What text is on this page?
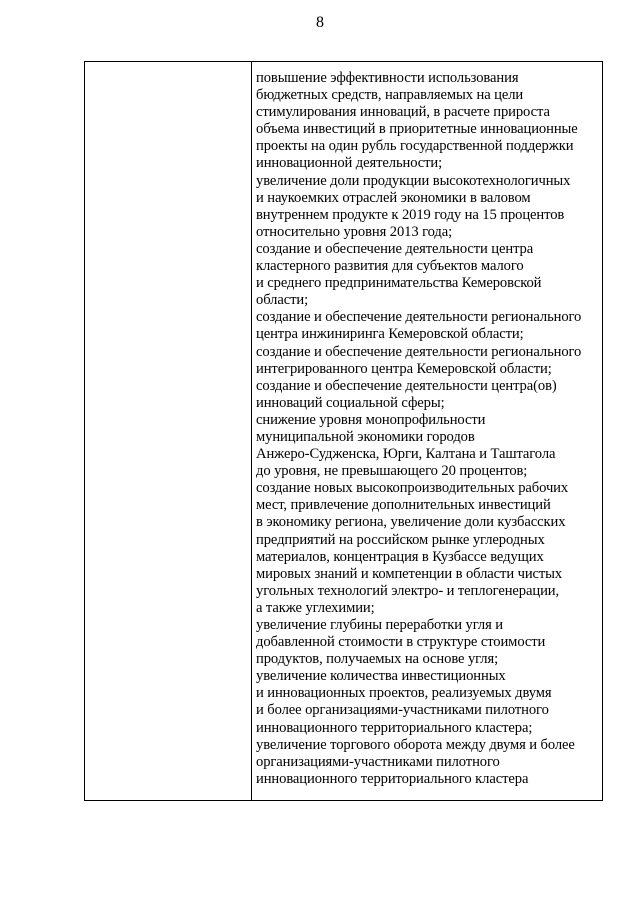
8

повышение эффективности использования
бюджетных средств, направляемых на цели
стимулирования инноваций, в расчете прироста
объема инвестиций в приоритетные инновационные
проекты на один рубль государственной поддержки
инновационной деятельности;
увеличение доли продукции высокотехнологичных
и наукоемких отраслей экономики в валовом
внутреннем продукте к 2019 году на 15 процентов
относительно уровня 2013 года;
создание и обеспечение деятельности центра
кластерного развития для субъектов малого
и среднего предпринимательства Кемеровской
области;
создание и обеспечение деятельности регионального
центра инжиниринга Кемеровской области;
создание и обеспечение деятельности регионального
интегрированного центра Кемеровской области;
создание и обеспечение деятельности центра(ов)
инноваций социальной сферы;
снижение уровня монопрофильности
муниципальной экономики городов
Анжеро-Судженска, Юрги, Калтана и Таштагола
до уровня, не превышающего 20 процентов;
создание новых высокопроизводительных рабочих
мест, привлечение дополнительных инвестиций
в экономику региона, увеличение доли кузбасских
предприятий на российском рынке углеродных
материалов, концентрация в Кузбассе ведущих
мировых знаний и компетенции в области чистых
угольных технологий электро- и теплогенерации,
а также углехимии;
увеличение глубины переработки угля и
добавленной стоимости в структуре стоимости
продуктов, получаемых на основе угля;
увеличение количества инвестиционных
и инновационных проектов, реализуемых двумя
и более организациями-участниками пилотного
инновационного территориального кластера;
увеличение торгового оборота между двумя и более
организациями-участниками пилотного
инновационного территориального кластера
